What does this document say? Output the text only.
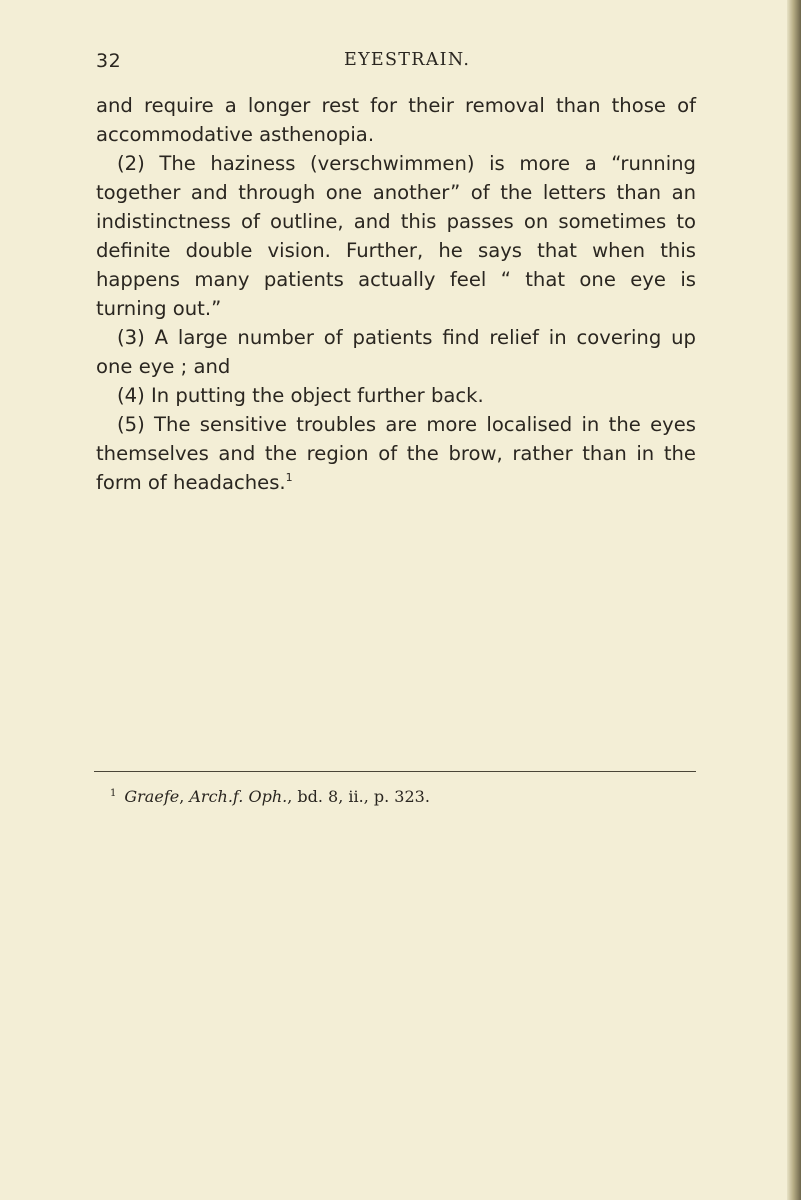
32	EYESTRAIN.

and require a longer rest for their removal than those of accommodative asthenopia.

(2) The haziness (verschwimmen) is more a “running together and through one another” of the letters than an indistinctness of outline, and this passes on sometimes to definite double vision. Further, he says that when this happens many patients actually feel “ that one eye is turning out.”

(3) A large number of patients find relief in covering up one eye ; and

(4) In putting the object further back.

(5) The sensitive troubles are more localised in the eyes themselves and the region of the brow, rather than in the form of headaches.$^1$

$^1$ Graefe, Arch.f. Oph., bd. 8, ii., p. 323.
